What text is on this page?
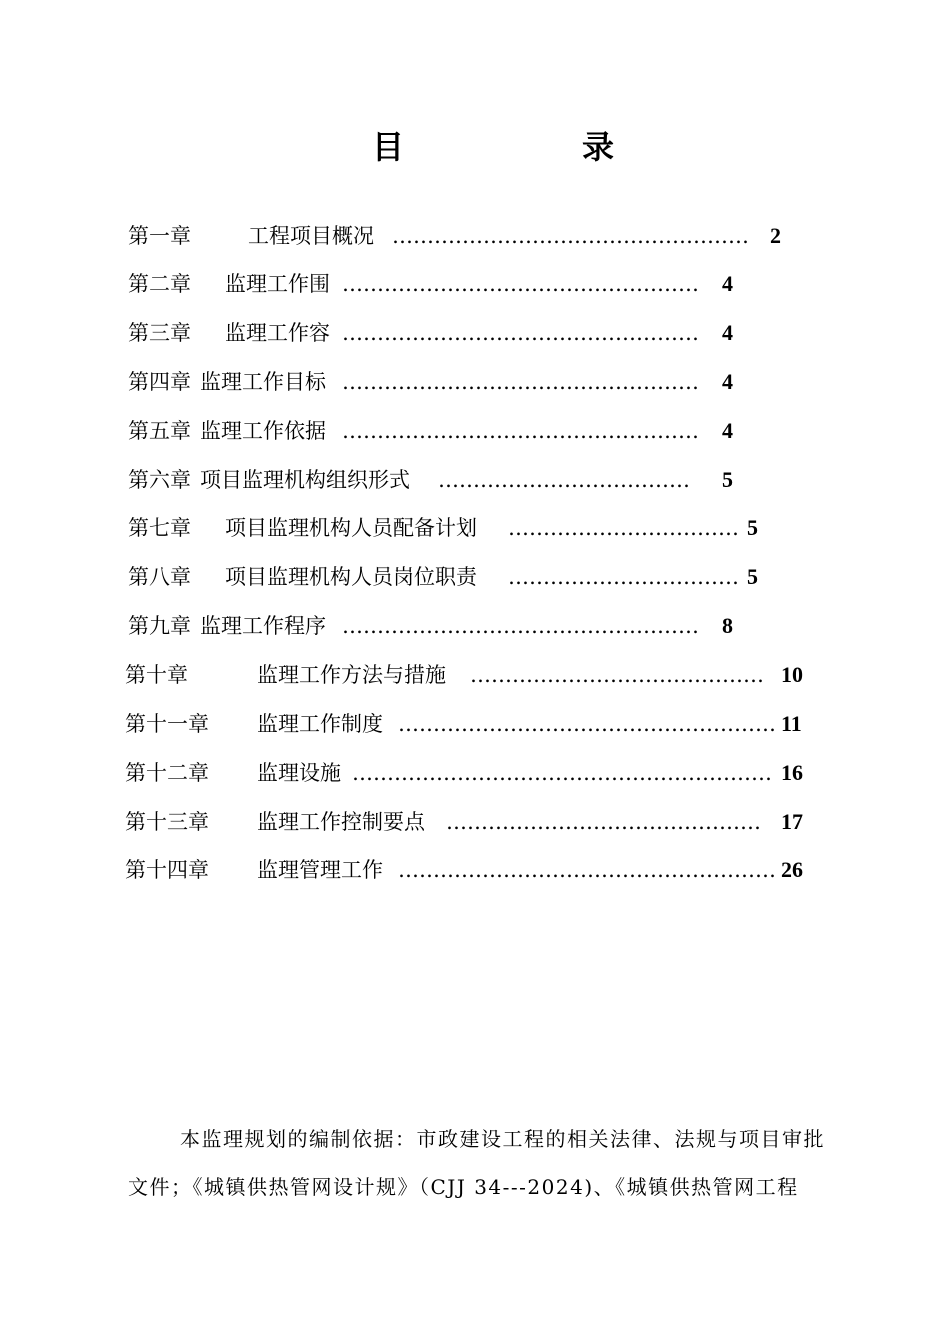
目	录
第一章	工程项目概况 …………………………………………… 2
第二章 监理工作围 …………………………………………… 4
第三章 监理工作容 …………………………………………… 4
第四章 监理工作目标 …………………………………………… 4
第五章 监理工作依据 …………………………………………… 4
第六章 项目监理机构组织形式 ……………………………… 5
第七章 项目监理机构人员配备计划 …………………………… 5
第八章 项目监理机构人员岗位职责 …………………………… 5
第九章 监理工作程序 …………………………………………… 8
第十章	监理工作方法与措施 …………………………………… 10
第十一章 监理工作制度 ……………………………………………… 11
第十二章 监理设施 …………………………………………………… 16
第十三章 监理工作控制要点 ……………………………………… 17
第十四章 监理管理工作 ……………………………………………… 26
本监理规划的编制依据：市政建设工程的相关法律、法规与项目审批
文件；《城镇供热管网设计规》（CJJ 34---2024)、《城镇供热管网工程
